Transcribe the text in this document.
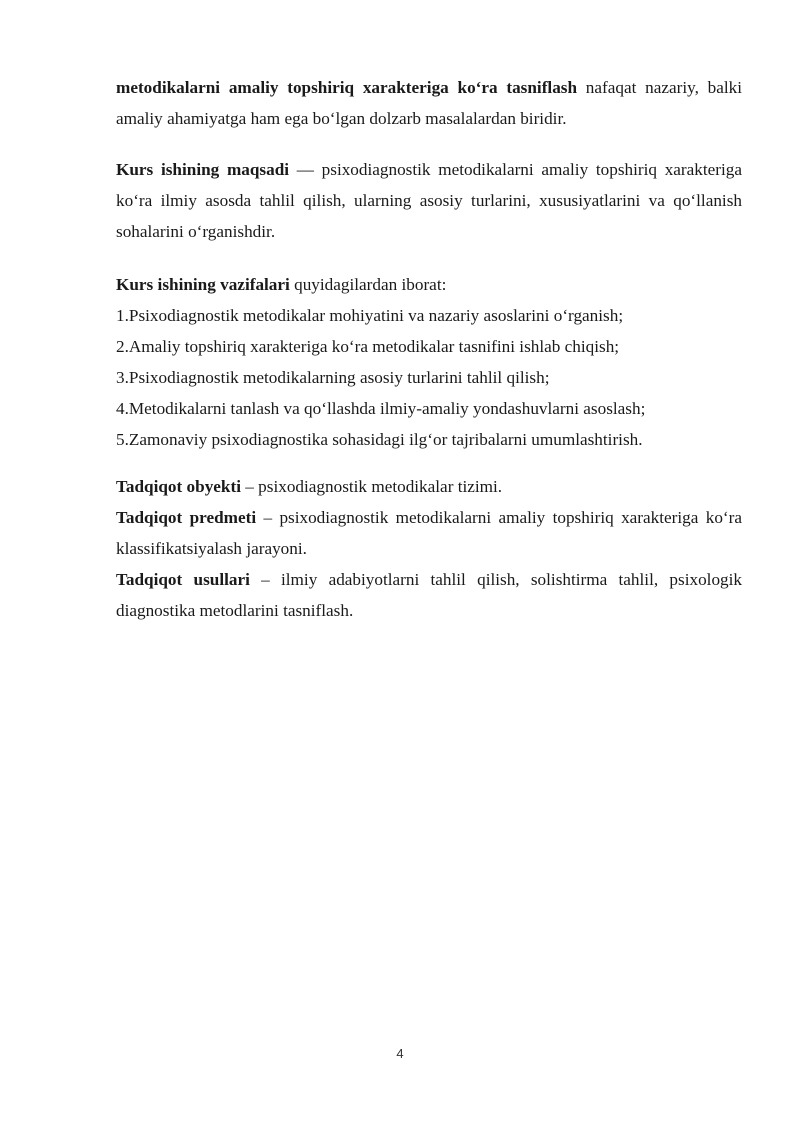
metodikalarni amaliy topshiriq xarakteriga ko‘ra tasniflash nafaqat nazariy, balki amaliy ahamiyatga ham ega bo‘lgan dolzarb masalalardan biridir.

Kurs ishining maqsadi — psixodiagnostik metodikalarni amaliy topshiriq xarakteriga ko‘ra ilmiy asosda tahlil qilish, ularning asosiy turlarini, xususiyatlarini va qo‘llanish sohalarini o‘rganishdir.

Kurs ishining vazifalari quyidagilardan iborat:

1.Psixodiagnostik metodikalar mohiyatini va nazariy asoslarini o‘rganish;

2.Amaliy topshiriq xarakteriga ko‘ra metodikalar tasnifini ishlab chiqish;

3.Psixodiagnostik metodikalarning asosiy turlarini tahlil qilish;

4.Metodikalarni tanlash va qo‘llashda ilmiy-amaliy yondashuvlarni asoslash;

5.Zamonaviy psixodiagnostika sohasidagi ilg‘or tajribalarni umumlashtirish.

Tadqiqot obyekti – psixodiagnostik metodikalar tizimi.

Tadqiqot predmeti – psixodiagnostik metodikalarni amaliy topshiriq xarakteriga ko‘ra klassifikatsiyalash jarayoni.

Tadqiqot usullari – ilmiy adabiyotlarni tahlil qilish, solishtirma tahlil, psixologik diagnostika metodlarini tasniflash.

4
